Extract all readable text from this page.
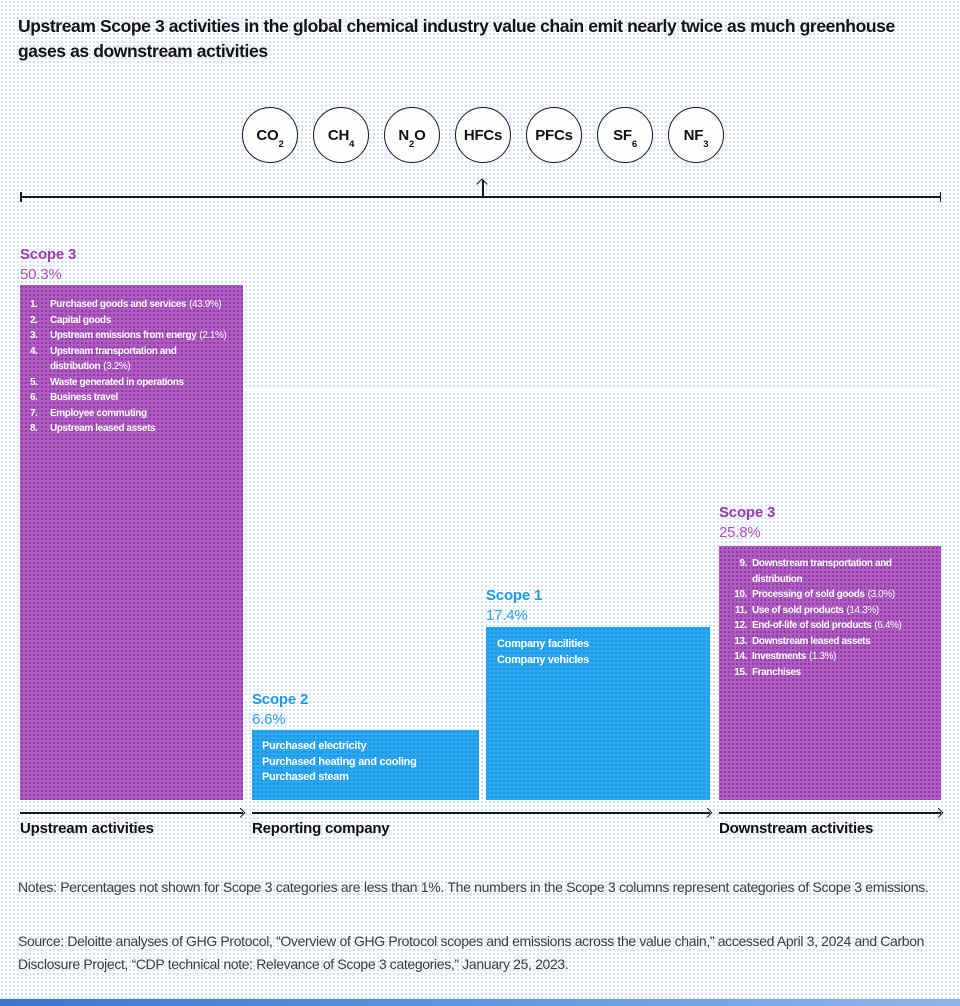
Upstream Scope 3 activities in the global chemical industry value chain emit nearly twice as much greenhouse gases as downstream activities
$CO_2$
$CH_4$
$N_2O$	HFCs PFCs	$SF_6$
$NF_3$
Scope 3
50.3%
1.	Purchased goods and services (43.9%)
2.	Capital goods
3.	Upstream emissions from energy (2.1%)
4.	Upstream transportation and distribution (3.2%)
5.	Waste generated in operations
6.	Business travel
7.	Employee commuting
8.	Upstream leased assets
Scope 2
6.6%
Purchased electricity
Purchased heating and cooling
Purchased steam
Scope 1
17.4%
Company facilities
Company vehicles
Scope 3
25.8%
9. Downstream transportation and distribution
10. Processing of sold goods (3.0%)
11. Use of sold products (14.3%)
12. End-of-life of sold products (6.4%)
13. Downstream leased assets
14. Investments (1.3%)
15. Franchises
Upstream activities	Reporting company	Downstream activities
Notes: Percentages not shown for Scope 3 categories are less than 1%. The numbers in the Scope 3 columns represent categories of Scope 3 emissions.
Source: Deloitte analyses of GHG Protocol, “Overview of GHG Protocol scopes and emissions across the value chain,” accessed April 3, 2024 and Carbon Disclosure Project, “CDP technical note: Relevance of Scope 3 categories,” January 25, 2023.
